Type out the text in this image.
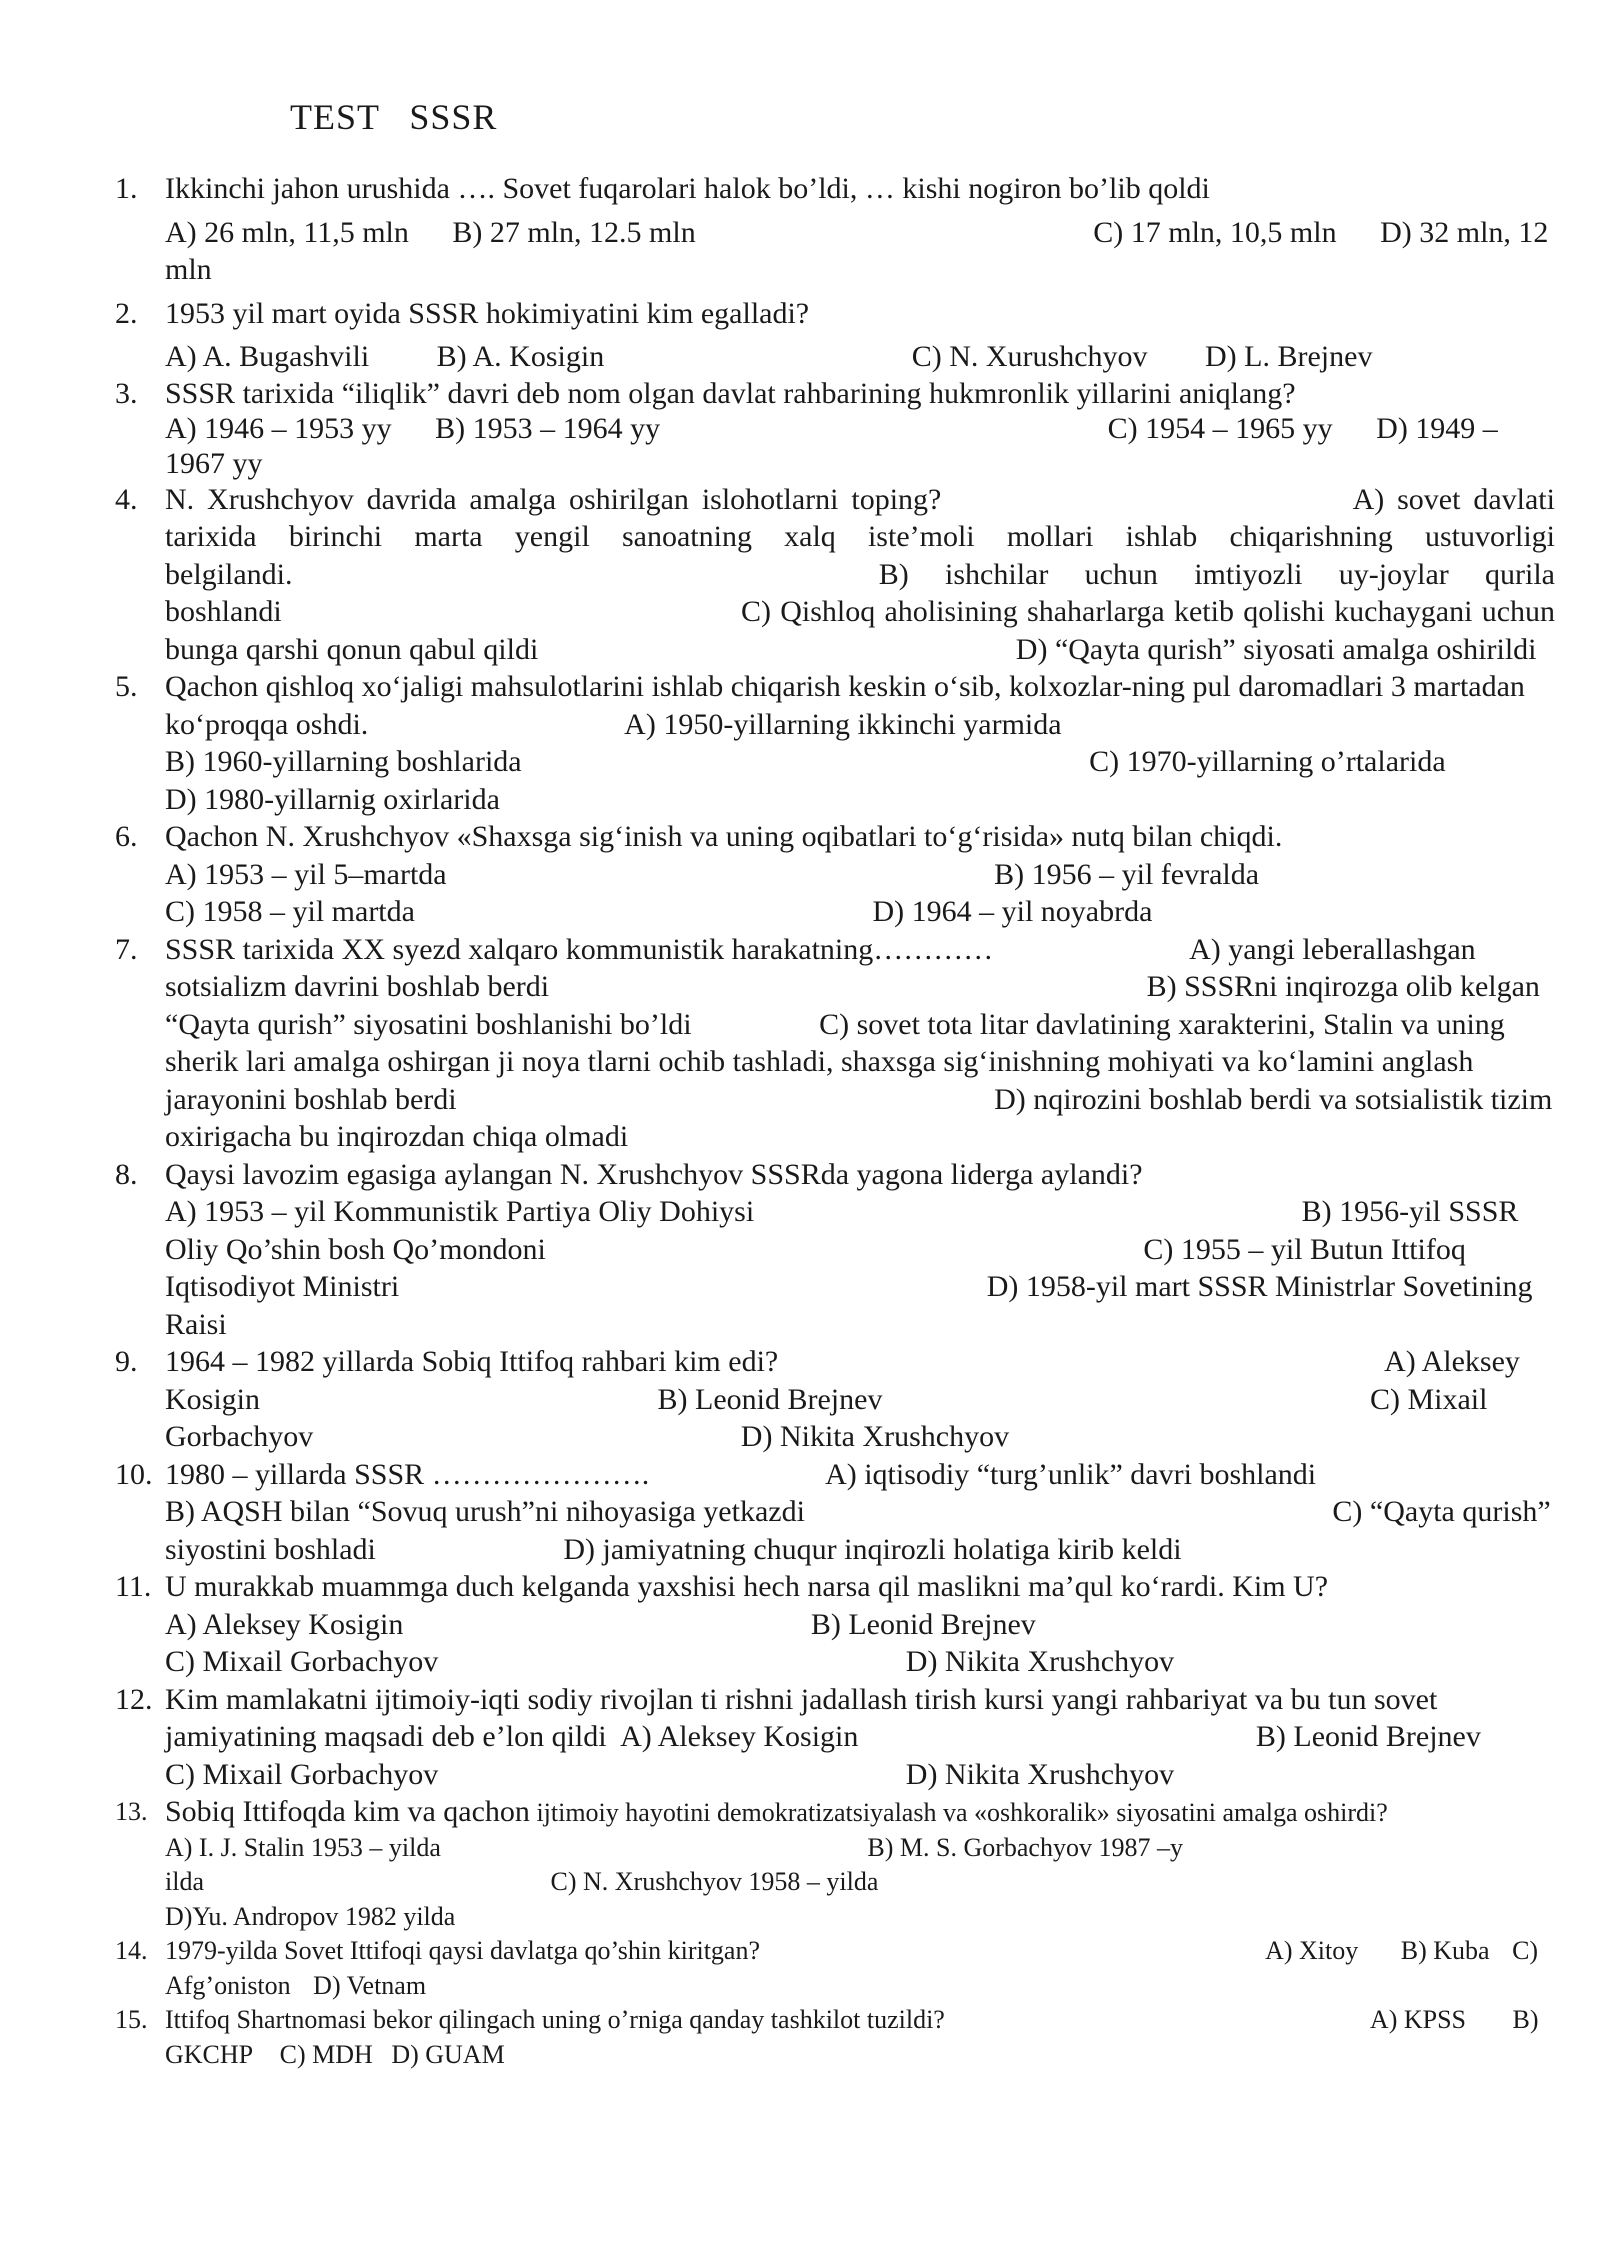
TEST   SSSR
1. Ikkinchi jahon urushida …. Sovet fuqarolari halok bo’ldi, … kishi nogiron bo’lib qoldi
A) 26 mln, 11,5 mln B) 27 mln, 12.5 mln	C) 17 mln, 10,5 mln D) 32 mln, 12 mln
2. 1953 yil mart oyida SSSR hokimiyatini kim egalladi?
A) A. Bugashvili B) A. Kosigin	C) N. Xurushchyov D) L. Brejnev
3. SSSR tarixida “iliqlik” davri deb nom olgan davlat rahbarining hukmronlik yillarini aniqlang?
A) 1946 – 1953 yy B) 1953 – 1964 yy	C) 1954 – 1965 yy D) 1949 – 1967 yy
4. N. Xrushchyov davrida amalga oshirilgan islohotlarni toping?	A) sovet davlati tarixida birinchi marta yengil sanoatning xalq iste’moli mollari ishlab chiqarishning ustuvorligi belgilandi.	B) ishchilar uchun imtiyozli uy-joylar qurila boshlandi	C) Qishloq aholisining shaharlarga ketib qolishi kuchaygani uchun bunga qarshi qonun qabul qildi	D) “Qayta qurish” siyosati amalga oshirildi
5. Qachon qishloq xo‘jaligi mahsulotlarini ishlab chiqarish keskin o‘sib, kolxozlar-ning pul daromadlari 3 martadan ko‘proqqa oshdi.	A) 1950-yillarning ikkinchi yarmida
B) 1960-yillarning boshlarida	C) 1970-yillarning o’rtalarida
D) 1980-yillarnig oxirlarida
6. Qachon N. Xrushchyov «Shaxsga sig‘inish va uning oqibatlari to‘g‘risida» nutq bilan chiqdi.
A) 1953 – yil 5–martda	B) 1956 – yil fevralda
C) 1958 – yil martda	D) 1964 – yil noyabrda
7. SSSR tarixida XX syezd xalqaro kommunistik harakatning…………	A) yangi leberallashgan sotsializm davrini boshlab berdi	B) SSSRni inqirozga olib kelgan “Qayta qurish” siyosatini boshlanishi bo’ldi	C) sovet tota litar davlatining xarakterini, Stalin va uning sherik lari amalga oshirgan ji noya tlarni ochib tashladi, shaxsga sig‘inishning mohiyati va ko‘lamini anglash jarayonini boshlab berdi	D) nqirozini boshlab berdi va sotsialistik tizim oxirigacha bu inqirozdan chiqa olmadi
8. Qaysi lavozim egasiga aylangan N. Xrushchyov SSSRda yagona liderga aylandi?
A) 1953 – yil Kommunistik Partiya Oliy Dohiysi	B) 1956-yil SSSR Oliy Qo’shin bosh Qo’mondoni	C) 1955 – yil Butun Ittifoq Iqtisodiyot Ministri	D) 1958-yil mart SSSR Ministrlar Sovetining Raisi
9. 1964 – 1982 yillarda Sobiq Ittifoq rahbari kim edi?	A) Aleksey Kosigin	B) Leonid Brejnev	C) Mixail Gorbachyov	D) Nikita Xrushchyov
10. 1980 – yillarda SSSR ………………….	A) iqtisodiy “turg’unlik” davri boshlandi
B) AQSH bilan “Sovuq urush”ni nihoyasiga yetkazdi	C) “Qayta qurish” siyostini boshladi	D) jamiyatning chuqur inqirozli holatiga kirib keldi
11. U murakkab muammga duch kelganda yaxshisi hech narsa qil maslikni ma’qul ko‘rardi. Kim U?
A) Aleksey Kosigin	B) Leonid Brejnev
C) Mixail Gorbachyov	D) Nikita Xrushchyov
12. Kim mamlakatni ijtimoiy-iqti sodiy rivojlan ti rishni jadallash tirish kursi yangi rahbariyat va bu tun sovet jamiyatining maqsadi deb e’lon qildi A) Aleksey Kosigin	B) Leonid Brejnev
C) Mixail Gorbachyov	D) Nikita Xrushchyov
13. Sobiq Ittifoqda kim va qachon ijtimoiy hayotini demokratizatsiyalash va «oshkoralik» siyosatini amalga oshirdi? A) I. J. Stalin 1953 – yilda	B) M. S. Gorbachyov 1987 –y ilda	C) N. Xrushchyov 1958 – yilda
D)Yu. Andropov 1982 yilda
14. 1979-yilda Sovet Ittifoqi qaysi davlatga qo’shin kiritgan?	A) Xitoy B) Kuba C) Afg’oniston D) Vetnam
15. Ittifoq Shartnomasi bekor qilingach uning o’rniga qanday tashkilot tuzildi?	A) KPSS B) GKCHP C) MDH D) GUAM
